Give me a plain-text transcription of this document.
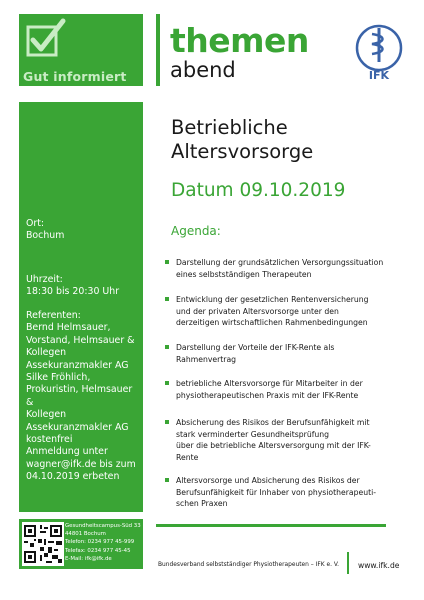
Gut informiert
themen
abend	IFK
Ort:
Bochum
Uhrzeit:
18:30 bis 20:30 Uhr
Referenten:
Bernd Helmsauer,
Vorstand, Helmsauer &
Kollegen
Assekuranzmakler AG
Silke Fröhlich,
Prokuristin, Helmsauer &
Kollegen
Assekuranzmakler AG
kostenfrei
Anmeldung unter
wagner@ifk.de bis zum
04.10.2019 erbeten
Gesundheitscampus-Süd 33
44801 Bochum
Telefon: 0234 977 45-999
Telefax: 0234 977 45-45
E-Mail: ifk@ifk.de
Betriebliche
Altersvorsorge
Datum 09.10.2019
Agenda:
Darstellung der grundsätzlichen Versorgungssituation
eines selbstständigen Therapeuten
Entwicklung der gesetzlichen Rentenversicherung
und der privaten Altersvorsorge unter den
derzeitigen wirtschaftlichen Rahmenbedingungen
Darstellung der Vorteile der IFK-Rente als
Rahmenvertrag
betriebliche Altersvorsorge für Mitarbeiter in der
physiotherapeutischen Praxis mit der IFK-Rente
Absicherung des Risikos der Berufsunfähigkeit mit
stark verminderter Gesundheitsprüfung
über die betriebliche Altersversorgung mit der IFK-
Rente
Altersvorsorge und Absicherung des Risikos der
Berufsunfähigkeit für Inhaber von physiotherapeuti-
schen Praxen
Bundesverband selbstständiger Physiotherapeuten – IFK e. V.	www.ifk.de
